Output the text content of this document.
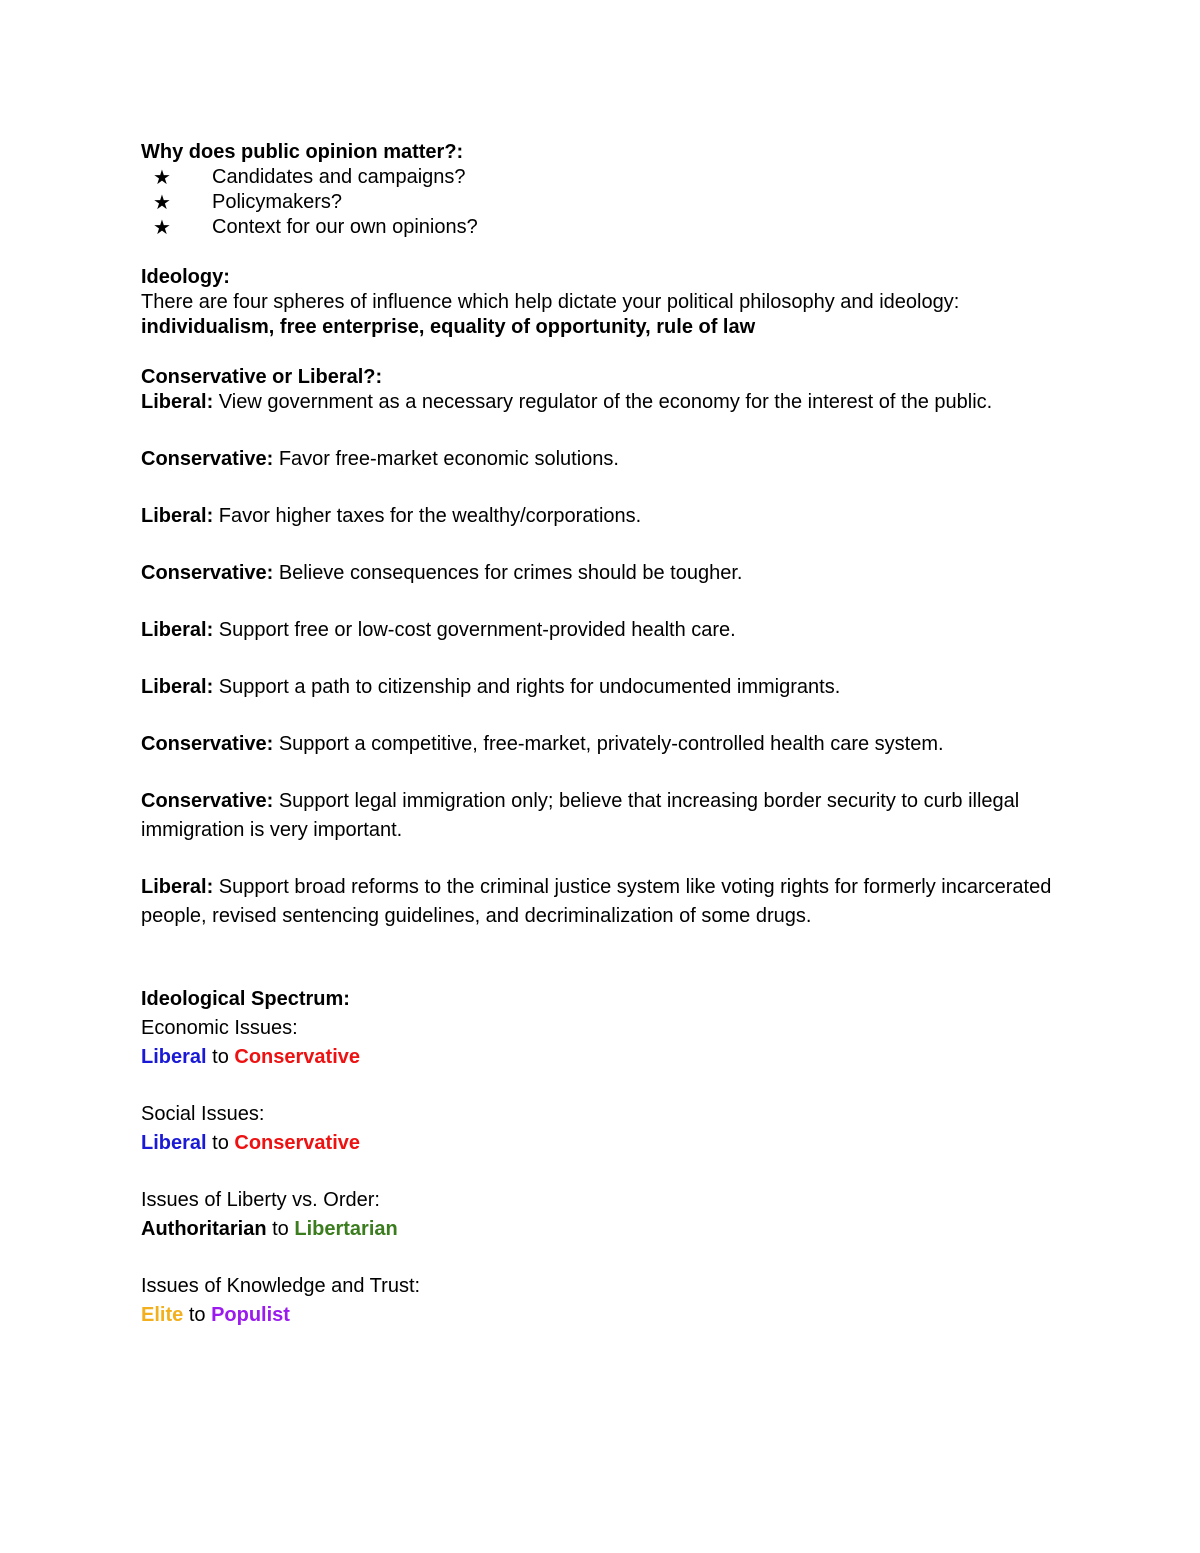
Why does public opinion matter?:
★ Candidates and campaigns?
★ Policymakers?
★ Context for our own opinions?
Ideology:
There are four spheres of influence which help dictate your political philosophy and ideology:
individualism, free enterprise, equality of opportunity, rule of law
Conservative or Liberal?:
Liberal: View government as a necessary regulator of the economy for the interest of the public.
Conservative: Favor free-market economic solutions.
Liberal: Favor higher taxes for the wealthy/corporations.
Conservative: Believe consequences for crimes should be tougher.
Liberal: Support free or low-cost government-provided health care.
Liberal: Support a path to citizenship and rights for undocumented immigrants.
Conservative: Support a competitive, free-market, privately-controlled health care system.
Conservative: Support legal immigration only; believe that increasing border security to curb illegal immigration is very important.
Liberal: Support broad reforms to the criminal justice system like voting rights for formerly incarcerated people, revised sentencing guidelines, and decriminalization of some drugs.
Ideological Spectrum:
Economic Issues:
Liberal to Conservative
Social Issues:
Liberal to Conservative
Issues of Liberty vs. Order:
Authoritarian to Libertarian
Issues of Knowledge and Trust:
Elite to Populist
